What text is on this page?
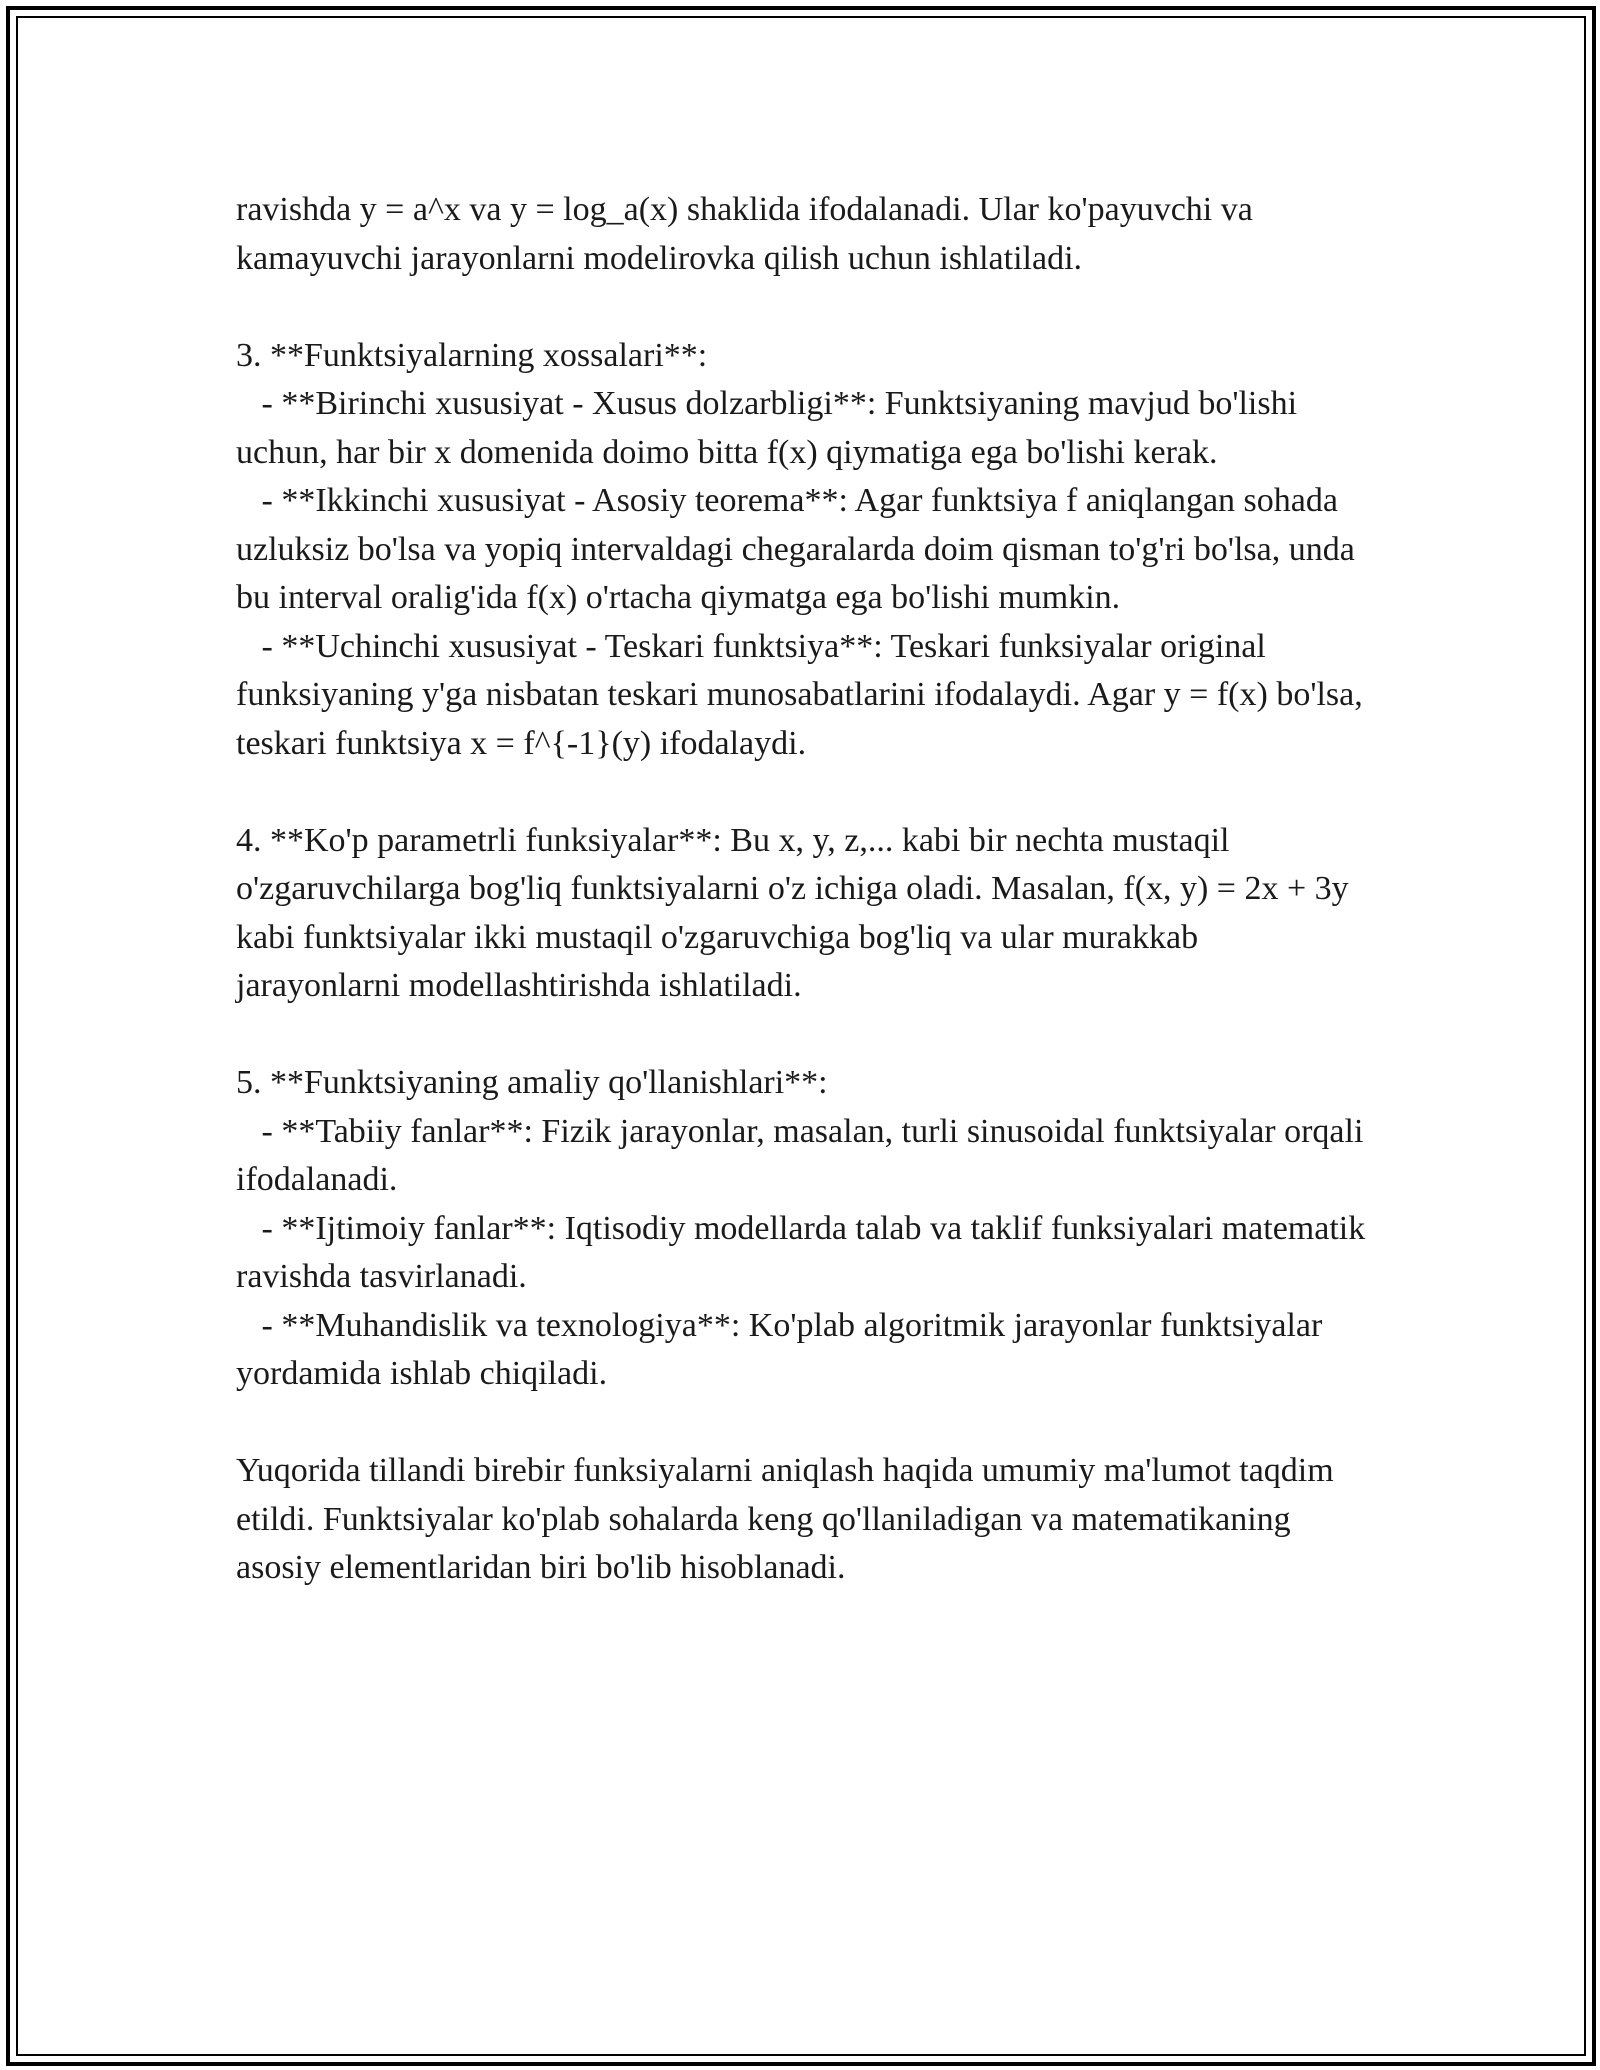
ravishda y = a^x va y = log_a(x) shaklida ifodalanadi. Ular ko'payuvchi va kamayuvchi jarayonlarni modelirovka qilish uchun ishlatiladi.

3. **Funktsiyalarning xossalari**:

- **Birinchi xususiyat - Xusus dolzarbligi**: Funktsiyaning mavjud bo'lishi uchun, har bir x domenida doimo bitta f(x) qiymatiga ega bo'lishi kerak.

- **Ikkinchi xususiyat - Asosiy teorema**: Agar funktsiya f aniqlangan sohada uzluksiz bo'lsa va yopiq intervaldagi chegaralarda doim qisman to'g'ri bo'lsa, unda bu interval oralig'ida f(x) o'rtacha qiymatga ega bo'lishi mumkin.

- **Uchinchi xususiyat - Teskari funktsiya**: Teskari funksiyalar original funksiyaning y'ga nisbatan teskari munosabatlarini ifodalaydi. Agar y = f(x) bo'lsa, teskari funktsiya x = f^{-1}(y) ifodalaydi.

4. **Ko'p parametrli funksiyalar**: Bu x, y, z,... kabi bir nechta mustaqil o'zgaruvchilarga bog'liq funktsiyalarni o'z ichiga oladi. Masalan, f(x, y) = 2x + 3y kabi funktsiyalar ikki mustaqil o'zgaruvchiga bog'liq va ular murakkab jarayonlarni modellashtirishda ishlatiladi.

5. **Funktsiyaning amaliy qo'llanishlari**:

- **Tabiiy fanlar**: Fizik jarayonlar, masalan, turli sinusoidal funktsiyalar orqali ifodalanadi.

- **Ijtimoiy fanlar**: Iqtisodiy modellarda talab va taklif funksiyalari matematik ravishda tasvirlanadi.

- **Muhandislik va texnologiya**: Ko'plab algoritmik jarayonlar funktsiyalar yordamida ishlab chiqiladi.

Yuqorida tillandi birebir funksiyalarni aniqlash haqida umumiy ma'lumot taqdim etildi. Funktsiyalar ko'plab sohalarda keng qo'llaniladigan va matematikaning asosiy elementlaridan biri bo'lib hisoblanadi.
